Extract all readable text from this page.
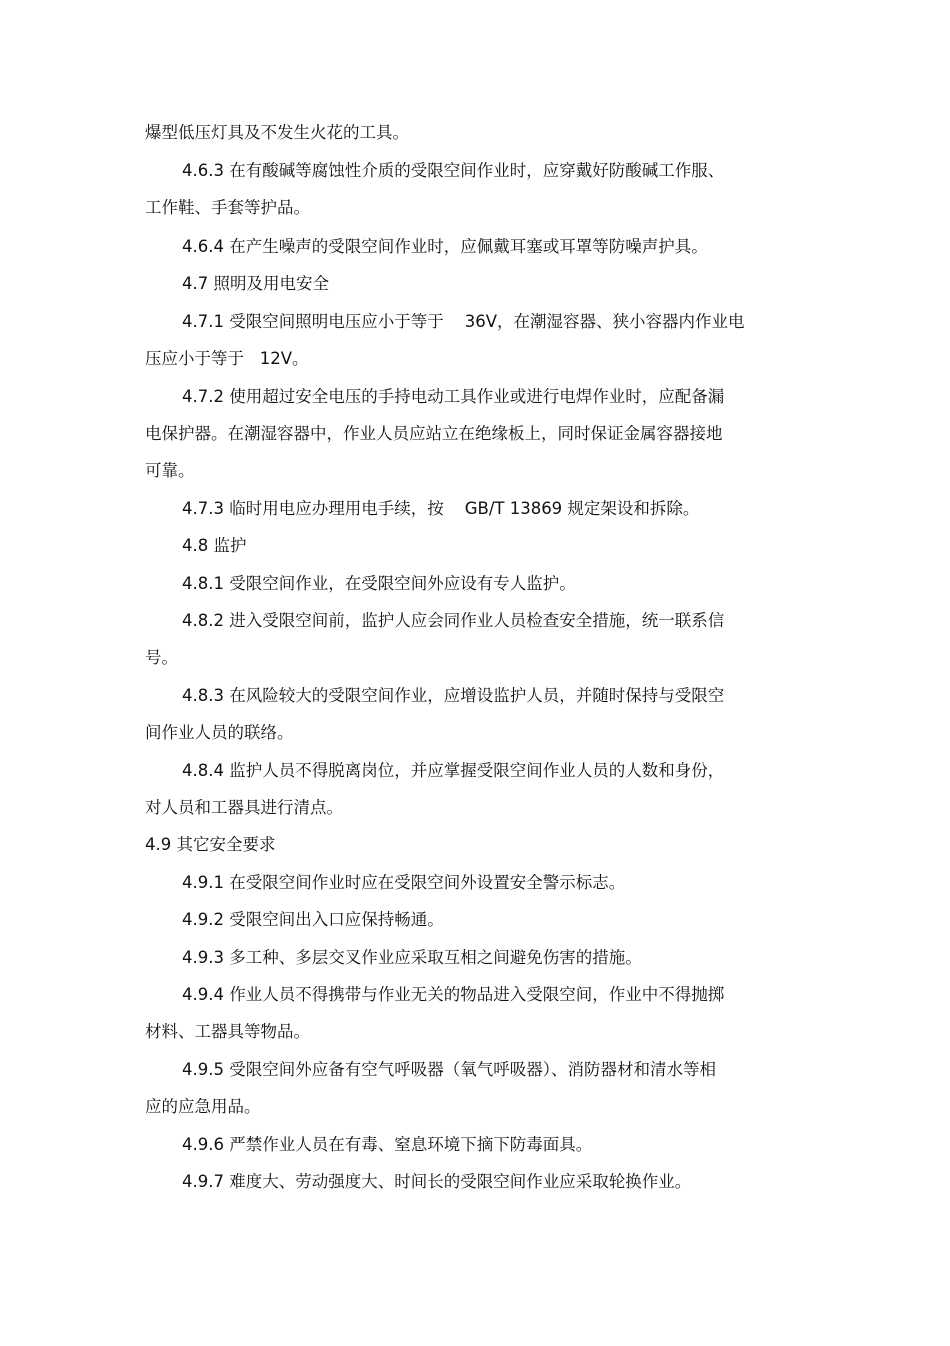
爆型低压灯具及不发生火花的工具。
4.6.3 在有酸碱等腐蚀性介质的受限空间作业时，应穿戴好防酸碱工作服、
工作鞋、手套等护品。
4.6.4 在产生噪声的受限空间作业时，应佩戴耳塞或耳罩等防噪声护具。
4.7 照明及用电安全
4.7.1 受限空间照明电压应小于等于    36V，在潮湿容器、狭小容器内作业电
压应小于等于   12V。
4.7.2 使用超过安全电压的手持电动工具作业或进行电焊作业时，应配备漏
电保护器。在潮湿容器中，作业人员应站立在绝缘板上，同时保证金属容器接地
可靠。
4.7.3 临时用电应办理用电手续，按    GB/T 13869 规定架设和拆除。
4.8 监护
4.8.1 受限空间作业，在受限空间外应设有专人监护。
4.8.2 进入受限空间前，监护人应会同作业人员检查安全措施，统一联系信
号。
4.8.3 在风险较大的受限空间作业，应增设监护人员，并随时保持与受限空
间作业人员的联络。
4.8.4 监护人员不得脱离岗位，并应掌握受限空间作业人员的人数和身份，
对人员和工器具进行清点。
4.9 其它安全要求
4.9.1 在受限空间作业时应在受限空间外设置安全警示标志。
4.9.2 受限空间出入口应保持畅通。
4.9.3 多工种、多层交叉作业应采取互相之间避免伤害的措施。
4.9.4 作业人员不得携带与作业无关的物品进入受限空间，作业中不得抛掷
材料、工器具等物品。
4.9.5 受限空间外应备有空气呼吸器（氧气呼吸器）、消防器材和清水等相
应的应急用品。
4.9.6 严禁作业人员在有毒、窒息环境下摘下防毒面具。
4.9.7 难度大、劳动强度大、时间长的受限空间作业应采取轮换作业。
